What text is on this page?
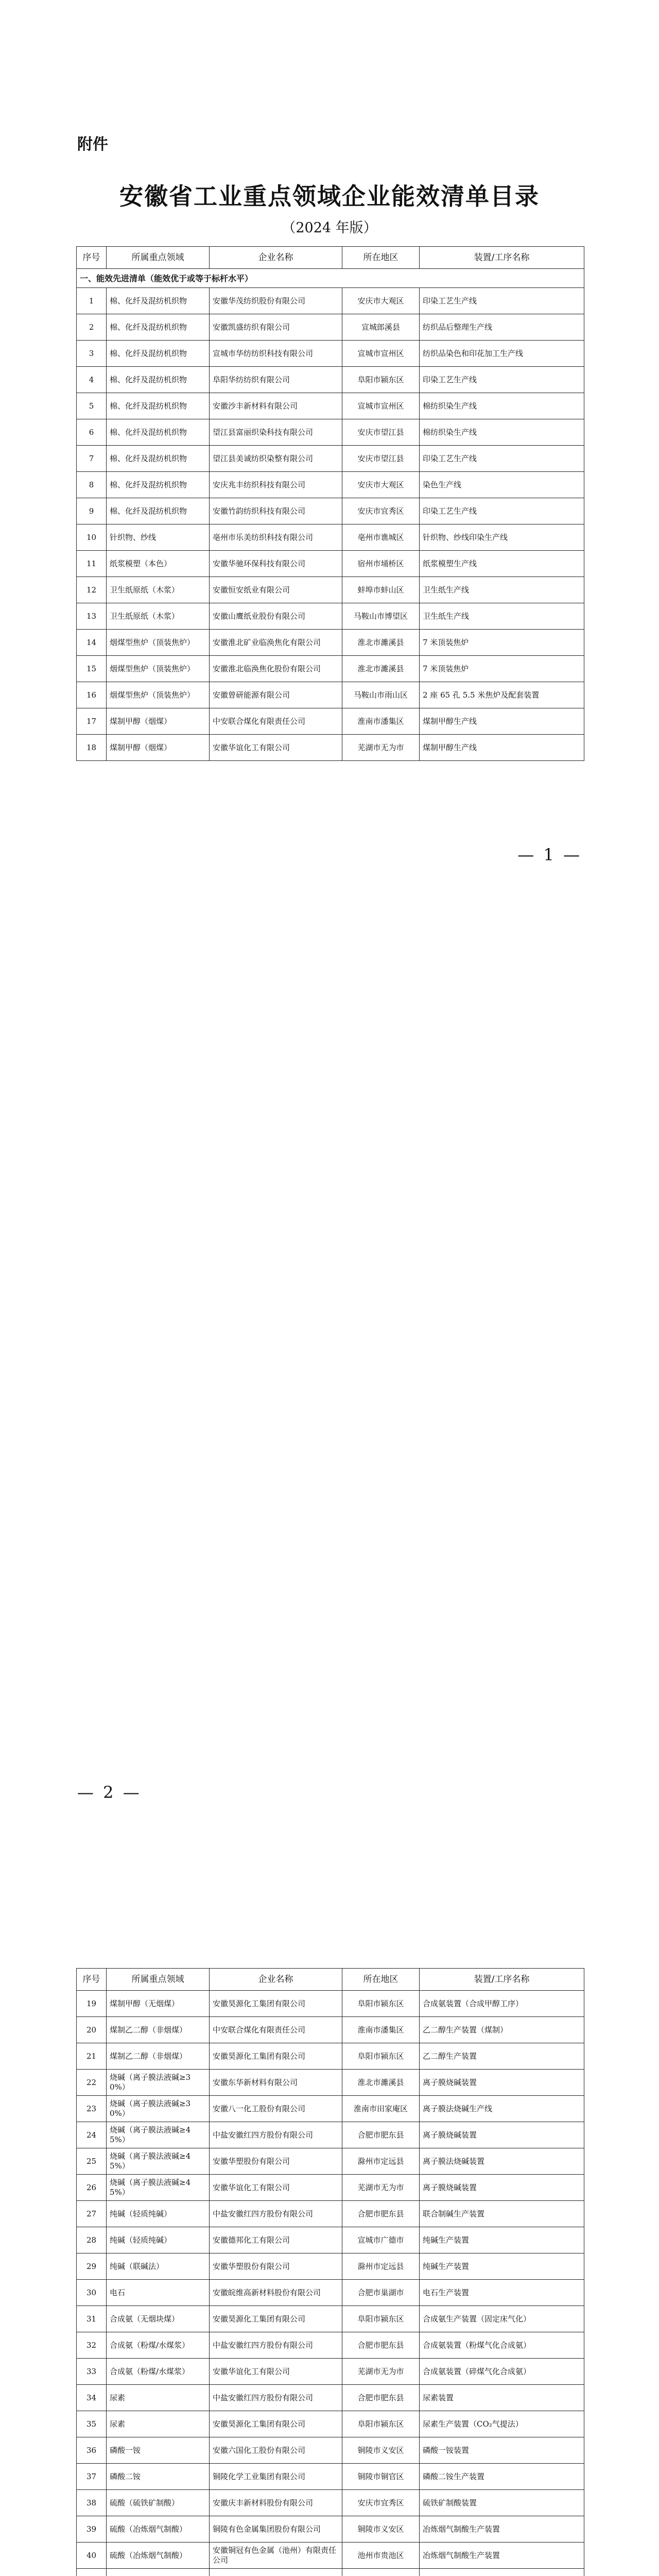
附件
安徽省工业重点领域企业能效清单目录
（2024 年版）
序号	所属重点领域	企业名称	所在地区	装置/工序名称
一、能效先进清单（能效优于或等于标杆水平）				
1	棉、化纤及混纺机织物	安徽华茂纺织股份有限公司	安庆市大观区	印染工艺生产线
2	棉、化纤及混纺机织物	安徽凯盛纺织有限公司	宣城郎溪县	纺织品后整理生产线
3	棉、化纤及混纺机织物	宣城市华纺纺织科技有限公司	宣城市宣州区	纺织品染色和印花加工生产线
4	棉、化纤及混纺机织物	阜阳华纺纺织有限公司	阜阳市颍东区	印染工艺生产线
5	棉、化纤及混纺机织物	安徽沙丰新材料有限公司	宣城市宣州区	棉纺织染生产线
6	棉、化纤及混纺机织物	望江县富丽织染科技有限公司	安庆市望江县	棉纺织染生产线
7	棉、化纤及混纺机织物	望江县美诚纺织染整有限公司	安庆市望江县	印染工艺生产线
8	棉、化纤及混纺机织物	安庆兆丰纺织科技有限公司	安庆市大观区	染色生产线
9	棉、化纤及混纺机织物	安徽竹韵纺织科技有限公司	安庆市宜秀区	印染工艺生产线
10	针织物、纱线	亳州市乐美纺织科技有限公司	亳州市谯城区	针织物、纱线印染生产线
11	纸浆模塑（本色）	安徽华驰环保科技有限公司	宿州市埇桥区	纸浆模塑生产线
12	卫生纸原纸（木浆）	安徽恒安纸业有限公司	蚌埠市蚌山区	卫生纸生产线
13	卫生纸原纸（木浆）	安徽山鹰纸业股份有限公司	马鞍山市博望区	卫生纸生产线
14	烟煤型焦炉（顶装焦炉）	安徽淮北矿业临涣焦化有限公司	淮北市濉溪县	7 米顶装焦炉
15	烟煤型焦炉（顶装焦炉）	安徽淮北临涣焦化股份有限公司	淮北市濉溪县	7 米顶装焦炉
16	烟煤型焦炉（顶装焦炉）	安徽曾研能源有限公司	马鞍山市雨山区	2 座 65 孔 5.5 米焦炉及配套装置
17	煤制甲醇（烟煤）	中安联合煤化有限责任公司	淮南市潘集区	煤制甲醇生产线
18	煤制甲醇（烟煤）	安徽华谊化工有限公司	芜湖市无为市	煤制甲醇生产线
— 1 —
序号	所属重点领域	企业名称	所在地区	装置/工序名称
19	煤制甲醇（无烟煤）	安徽昊源化工集团有限公司	阜阳市颍东区	合成氨装置（合成甲醇工序）
20	煤制乙二醇（非烟煤）	中安联合煤化有限责任公司	淮南市潘集区	乙二醇生产装置（煤制）
21	煤制乙二醇（非烟煤）	安徽昊源化工集团有限公司	阜阳市颍东区	乙二醇生产装置
22	烧碱（离子膜法液碱≥30%）	安徽东华新材料有限公司	淮北市濉溪县	离子膜烧碱装置
23	烧碱（离子膜法液碱≥30%）	安徽八一化工股份有限公司	淮南市田家庵区	离子膜法烧碱生产线
24	烧碱（离子膜法液碱≥45%）	中盐安徽红四方股份有限公司	合肥市肥东县	离子膜烧碱装置
25	烧碱（离子膜法液碱≥45%）	安徽华塑股份有限公司	滁州市定远县	离子膜法烧碱装置
26	烧碱（离子膜法液碱≥45%）	安徽华谊化工有限公司	芜湖市无为市	离子膜烧碱装置
27	纯碱（轻质纯碱）	中盐安徽红四方股份有限公司	合肥市肥东县	联合制碱生产装置
28	纯碱（轻质纯碱）	安徽德邦化工有限公司	宣城市广德市	纯碱生产装置
29	纯碱（联碱法）	安徽华塑股份有限公司	滁州市定远县	纯碱生产装置
30	电石	安徽皖维高新材料股份有限公司	合肥市巢湖市	电石生产装置
31	合成氨（无烟块煤）	安徽昊源化工集团有限公司	阜阳市颍东区	合成氨生产装置（固定床气化）
32	合成氨（粉煤/水煤浆）	中盐安徽红四方股份有限公司	合肥市肥东县	合成氨装置（粉煤气化合成氨）
33	合成氨（粉煤/水煤浆）	安徽华谊化工有限公司	芜湖市无为市	合成氨装置（碎煤气化合成氨）
34	尿素	中盐安徽红四方股份有限公司	合肥市肥东县	尿素装置
35	尿素	安徽昊源化工集团有限公司	阜阳市颍东区	尿素生产装置（CO₂气提法）
36	磷酸一铵	安徽六国化工股份有限公司	铜陵市义安区	磷酸一铵装置
37	磷酸二铵	铜陵化学工业集团有限公司	铜陵市铜官区	磷酸二铵生产装置
38	硫酸（硫铁矿制酸）	安徽庆丰新材料股份有限公司	安庆市宜秀区	硫铁矿制酸装置
39	硫酸（冶炼烟气制酸）	铜陵有色金属集团股份有限公司	铜陵市义安区	冶炼烟气制酸生产装置
40	硫酸（冶炼烟气制酸）	安徽铜冠有色金属（池州）有限责任公司	池州市贵池区	冶炼烟气制酸生产装置

— 2 —
